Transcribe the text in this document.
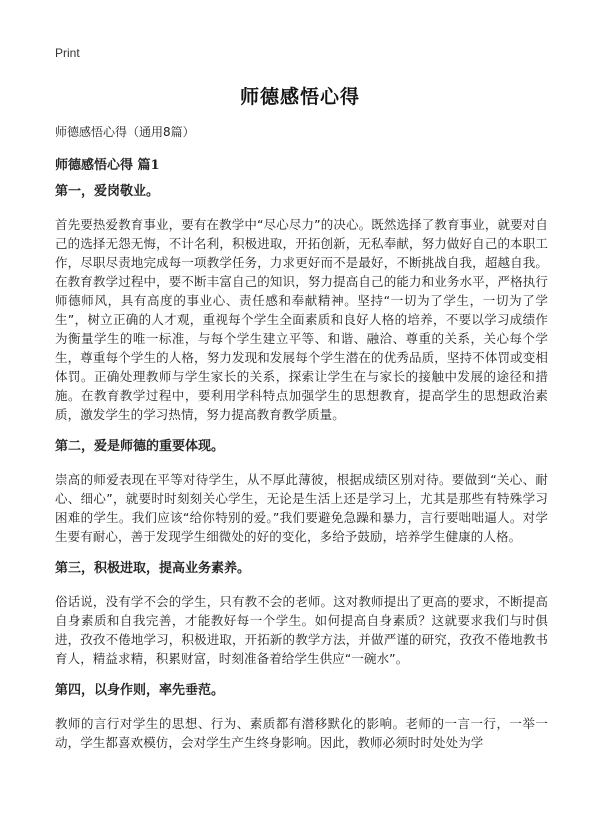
Print
师德感悟心得
师德感悟心得（通用8篇）
师德感悟心得 篇1
第一，爱岗敬业。
首先要热爱教育事业，要有在教学中“尽心尽力”的决心。既然选择了教育事业，就要对自己的选择无怨无悔，不计名利，积极进取，开拓创新，无私奉献，努力做好自己的本职工作，尽职尽责地完成每一项教学任务，力求更好而不是最好，不断挑战自我，超越自我。在教育教学过程中，要不断丰富自己的知识，努力提高自己的能力和业务水平，严格执行师德师风，具有高度的事业心、责任感和奉献精神。坚持“一切为了学生，一切为了学生”，树立正确的人才观，重视每个学生全面素质和良好人格的培养，不要以学习成绩作为衡量学生的唯一标准，与每个学生建立平等、和谐、融洽、尊重的关系，关心每个学生，尊重每个学生的人格，努力发现和发展每个学生潜在的优秀品质，坚持不体罚或变相体罚。正确处理教师与学生家长的关系，探索让学生在与家长的接触中发展的途径和措施。在教育教学过程中，要利用学科特点加强学生的思想教育，提高学生的思想政治素质，激发学生的学习热情，努力提高教育教学质量。
第二，爱是师德的重要体现。
崇高的师爱表现在平等对待学生，从不厚此薄彼，根据成绩区别对待。要做到“关心、耐心、细心”，就要时时刻刻关心学生，无论是生活上还是学习上，尤其是那些有特殊学习困难的学生。我们应该“给你特别的爱。”我们要避免急躁和暴力，言行要咄咄逼人。对学生要有耐心，善于发现学生细微处的好的变化，多给予鼓励，培养学生健康的人格。
第三，积极进取，提高业务素养。
俗话说，没有学不会的学生，只有教不会的老师。这对教师提出了更高的要求，不断提高自身素质和自我完善，才能教好每一个学生。如何提高自身素质？这就要求我们与时俱进，孜孜不倦地学习，积极进取，开拓新的教学方法，并做严谨的研究，孜孜不倦地教书育人，精益求精，积累财富，时刻准备着给学生供应“一碗水”。
第四，以身作则，率先垂范。
教师的言行对学生的思想、行为、素质都有潜移默化的影响。老师的一言一行，一举一动，学生都喜欢模仿，会对学生产生终身影响。因此，教师必须时时处处为学
